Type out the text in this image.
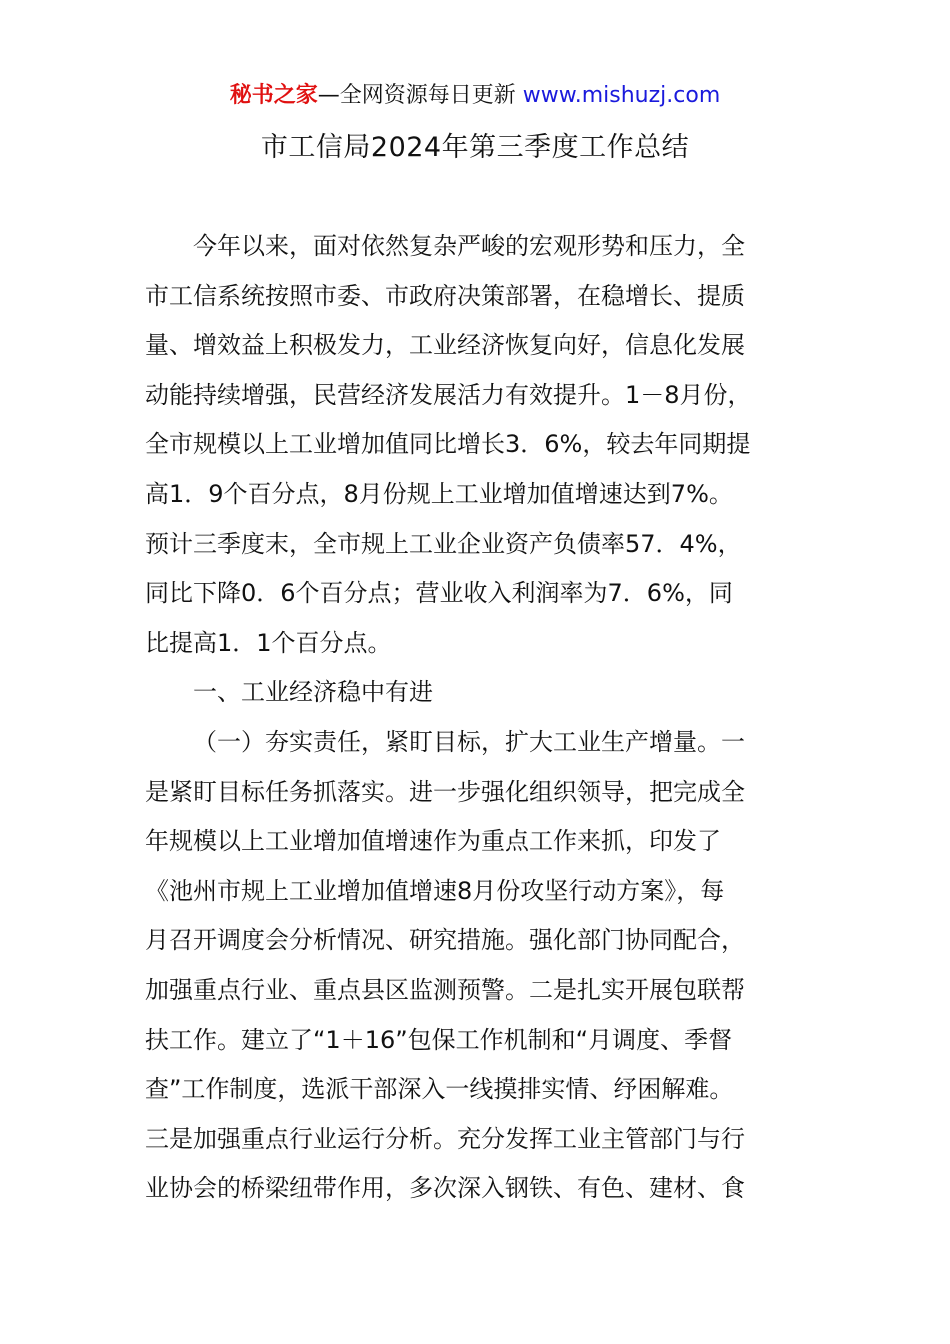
秘书之家—全网资源每日更新 www.mishuzj.com
市工信局2024年第三季度工作总结
今年以来，面对依然复杂严峻的宏观形势和压力，全
市工信系统按照市委、市政府决策部署，在稳增长、提质
量、增效益上积极发力，工业经济恢复向好，信息化发展
动能持续增强，民营经济发展活力有效提升。1－8月份，
全市规模以上工业增加值同比增长3．6%，较去年同期提
高1．9个百分点，8月份规上工业增加值增速达到7%。
预计三季度末，全市规上工业企业资产负债率57．4%，
同比下降0．6个百分点；营业收入利润率为7．6%，同
比提高1．1个百分点。
一、工业经济稳中有进
（一）夯实责任，紧盯目标，扩大工业生产增量。一
是紧盯目标任务抓落实。进一步强化组织领导，把完成全
年规模以上工业增加值增速作为重点工作来抓，印发了
《池州市规上工业增加值增速8月份攻坚行动方案》，每
月召开调度会分析情况、研究措施。强化部门协同配合，
加强重点行业、重点县区监测预警。二是扎实开展包联帮
扶工作。建立了“1＋16”包保工作机制和“月调度、季督
查”工作制度，选派干部深入一线摸排实情、纾困解难。
三是加强重点行业运行分析。充分发挥工业主管部门与行
业协会的桥梁纽带作用，多次深入钢铁、有色、建材、食
